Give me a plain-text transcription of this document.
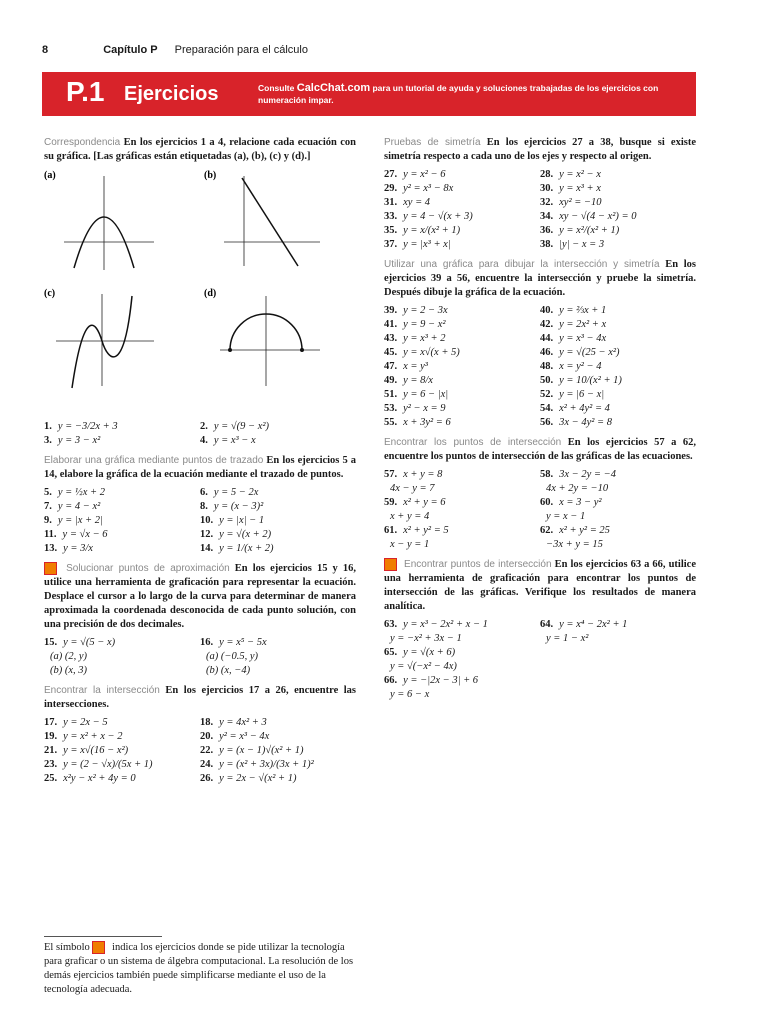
8	Capítulo P Preparación para el cálculo
P.1 Ejercicios	Consulte CalcChat.com para un tutorial de ayuda y soluciones trabajadas de los ejercicios con numeración impar.
Correspondencia En los ejercicios 1 a 4, relacione cada ecuación con su gráfica. [Las gráficas están etiquetadas (a), (b), (c) y (d).]
(a)	(b)
(c)	(d)
1. y = −3/2x + 3	2. y = √(9 − x²)
3. y = 3 − x²	4. y = x³ − x
Elaborar una gráfica mediante puntos de trazado En los ejercicios 5 a 14, elabore la gráfica de la ecuación mediante el trazado de puntos.
5. y = ½x + 2	6. y = 5 − 2x
7. y = 4 − x²	8. y = (x − 3)²
9. y = |x + 2|	10. y = |x| − 1
11. y = √x − 6	12. y = √(x + 2)
13. y = 3/x	14. y = 1/(x + 2)
Solucionar puntos de aproximación En los ejercicios 15 y 16, utilice una herramienta de graficación para representar la ecuación. Desplace el cursor a lo largo de la curva para determinar de manera aproximada la coordenada desconocida de cada punto solución, con una precisión de dos decimales.
15. y = √(5 − x)	16. y = x⁵ − 5x
(a) (2, y)	(a) (−0.5, y)
(b) (x, 3)	(b) (x, −4)
Encontrar la intersección En los ejercicios 17 a 26, encuentre las intersecciones.
17. y = 2x − 5	18. y = 4x² + 3
19. y = x² + x − 2	20. y² = x³ − 4x
21. y = x√(16 − x²)	22. y = (x − 1)√(x² + 1)
23. y = (2 − √x)/(5x + 1)	24. y = (x² + 3x)/(3x + 1)²
25. x²y − x² + 4y = 0	26. y = 2x − √(x² + 1)
Pruebas de simetría En los ejercicios 27 a 38, busque si existe simetría respecto a cada uno de los ejes y respecto al origen.
27. y = x² − 6	28. y = x² − x
29. y² = x³ − 8x	30. y = x³ + x
31. xy = 4	32. xy² = −10
33. y = 4 − √(x + 3)	34. xy − √(4 − x²) = 0
35. y = x/(x² + 1)	36. y = x²/(x² + 1)
37. y = |x³ + x|	38. |y| − x = 3
Utilizar una gráfica para dibujar la intersección y simetría En los ejercicios 39 a 56, encuentre la intersección y pruebe la simetría. Después dibuje la gráfica de la ecuación.
39. y = 2 − 3x	40. y = ⅔x + 1
41. y = 9 − x²	42. y = 2x² + x
43. y = x³ + 2	44. y = x³ − 4x
45. y = x√(x + 5)	46. y = √(25 − x²)
47. x = y³	48. x = y² − 4
49. y = 8/x	50. y = 10/(x² + 1)
51. y = 6 − |x|	52. y = |6 − x|
53. y² − x = 9	54. x² + 4y² = 4
55. x + 3y² = 6	56. 3x − 4y² = 8
Encontrar los puntos de intersección En los ejercicios 57 a 62, encuentre los puntos de intersección de las gráficas de las ecuaciones.
57. x + y = 8	58. 3x − 2y = −4
4x − y = 7	4x + 2y = −10
59. x² + y = 6	60. x = 3 − y²
x + y = 4	y = x − 1
61. x² + y² = 5	62. x² + y² = 25
x − y = 1	−3x + y = 15
Encontrar puntos de intersección En los ejercicios 63 a 66, utilice una herramienta de graficación para encontrar los puntos de intersección de las gráficas. Verifique los resultados de manera analítica.
63. y = x³ − 2x² + x − 1	64. y = x⁴ − 2x² + 1
y = −x² + 3x − 1	y = 1 − x²
65. y = √(x + 6)
y = √(−x² − 4x)
66. y = −|2x − 3| + 6
y = 6 − x
El símbolo indica los ejercicios donde se pide utilizar la tecnología para graficar o un sistema de álgebra computacional. La resolución de los demás ejercicios también puede simplificarse mediante el uso de la tecnología adecuada.
